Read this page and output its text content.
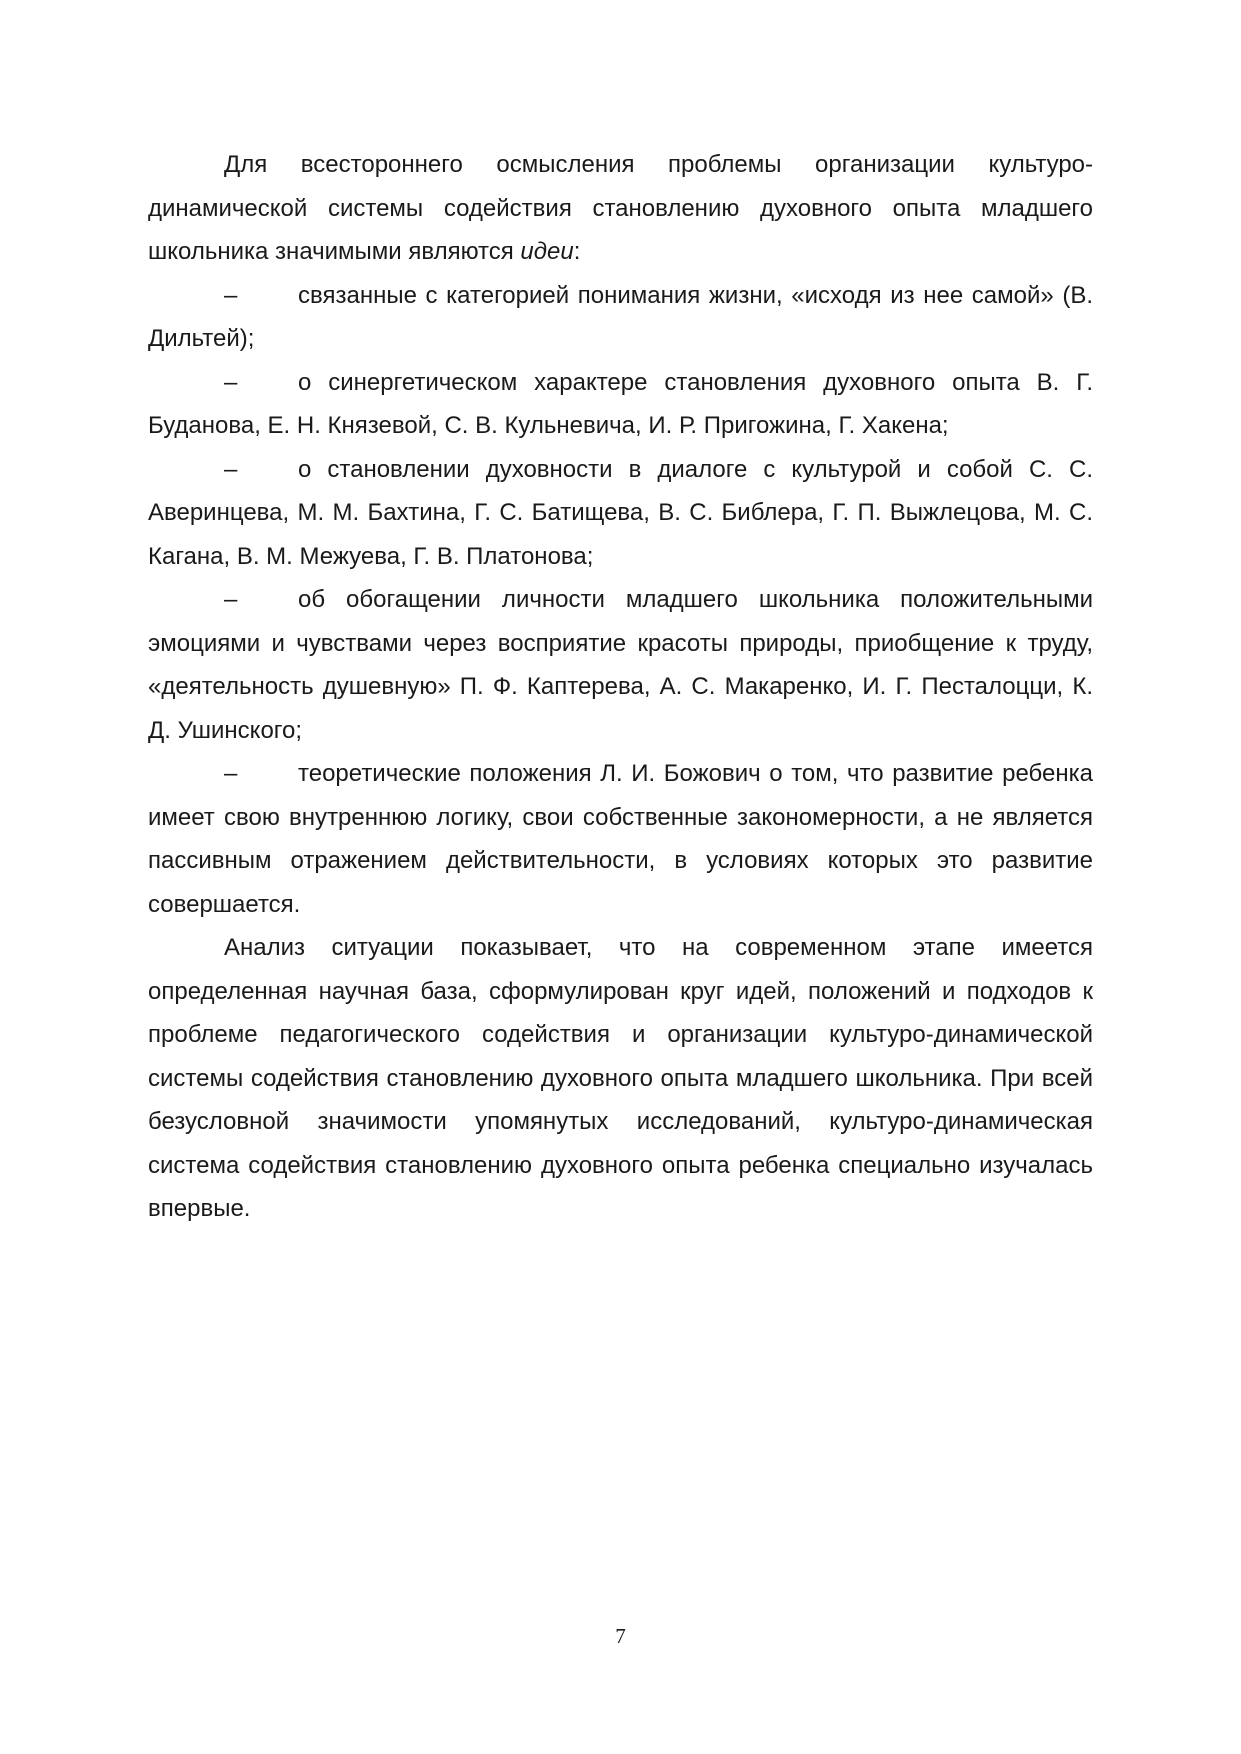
Для всестороннего осмысления проблемы организации культуро-динамической системы содействия становлению духовного опыта младшего школьника значимыми являются идеи:

–	связанные с категорией понимания жизни, «исходя из нее самой» (В. Дильтей);

–	о синергетическом характере становления духовного опыта В. Г. Буданова, Е. Н. Князевой, С. В. Кульневича, И. Р. Пригожина, Г. Хакена;

–	о становлении духовности в диалоге с культурой и собой С. С. Аверинцева, М. М. Бахтина, Г. С. Батищева, В. С. Библера, Г. П. Выжлецова, М. С. Кагана, В. М. Межуева, Г. В. Платонова;

–	об обогащении личности младшего школьника положительными эмоциями и чувствами через восприятие красоты природы, приобщение к труду, «деятельность душевную» П. Ф. Каптерева, А. С. Макаренко, И. Г. Песталоцци, К. Д. Ушинского;

–	теоретические положения Л. И. Божович о том, что развитие ребенка имеет свою внутреннюю логику, свои собственные закономерности, а не является пассивным отражением действительности, в условиях которых это развитие совершается.

Анализ ситуации показывает, что на современном этапе имеется определенная научная база, сформулирован круг идей, положений и подходов к проблеме педагогического содействия и организации культуро-динамической системы содействия становлению духовного опыта младшего школьника. При всей безусловной значимости упомянутых исследований, культуро-динамическая система содействия становлению духовного опыта ребенка специально изучалась впервые.

7
